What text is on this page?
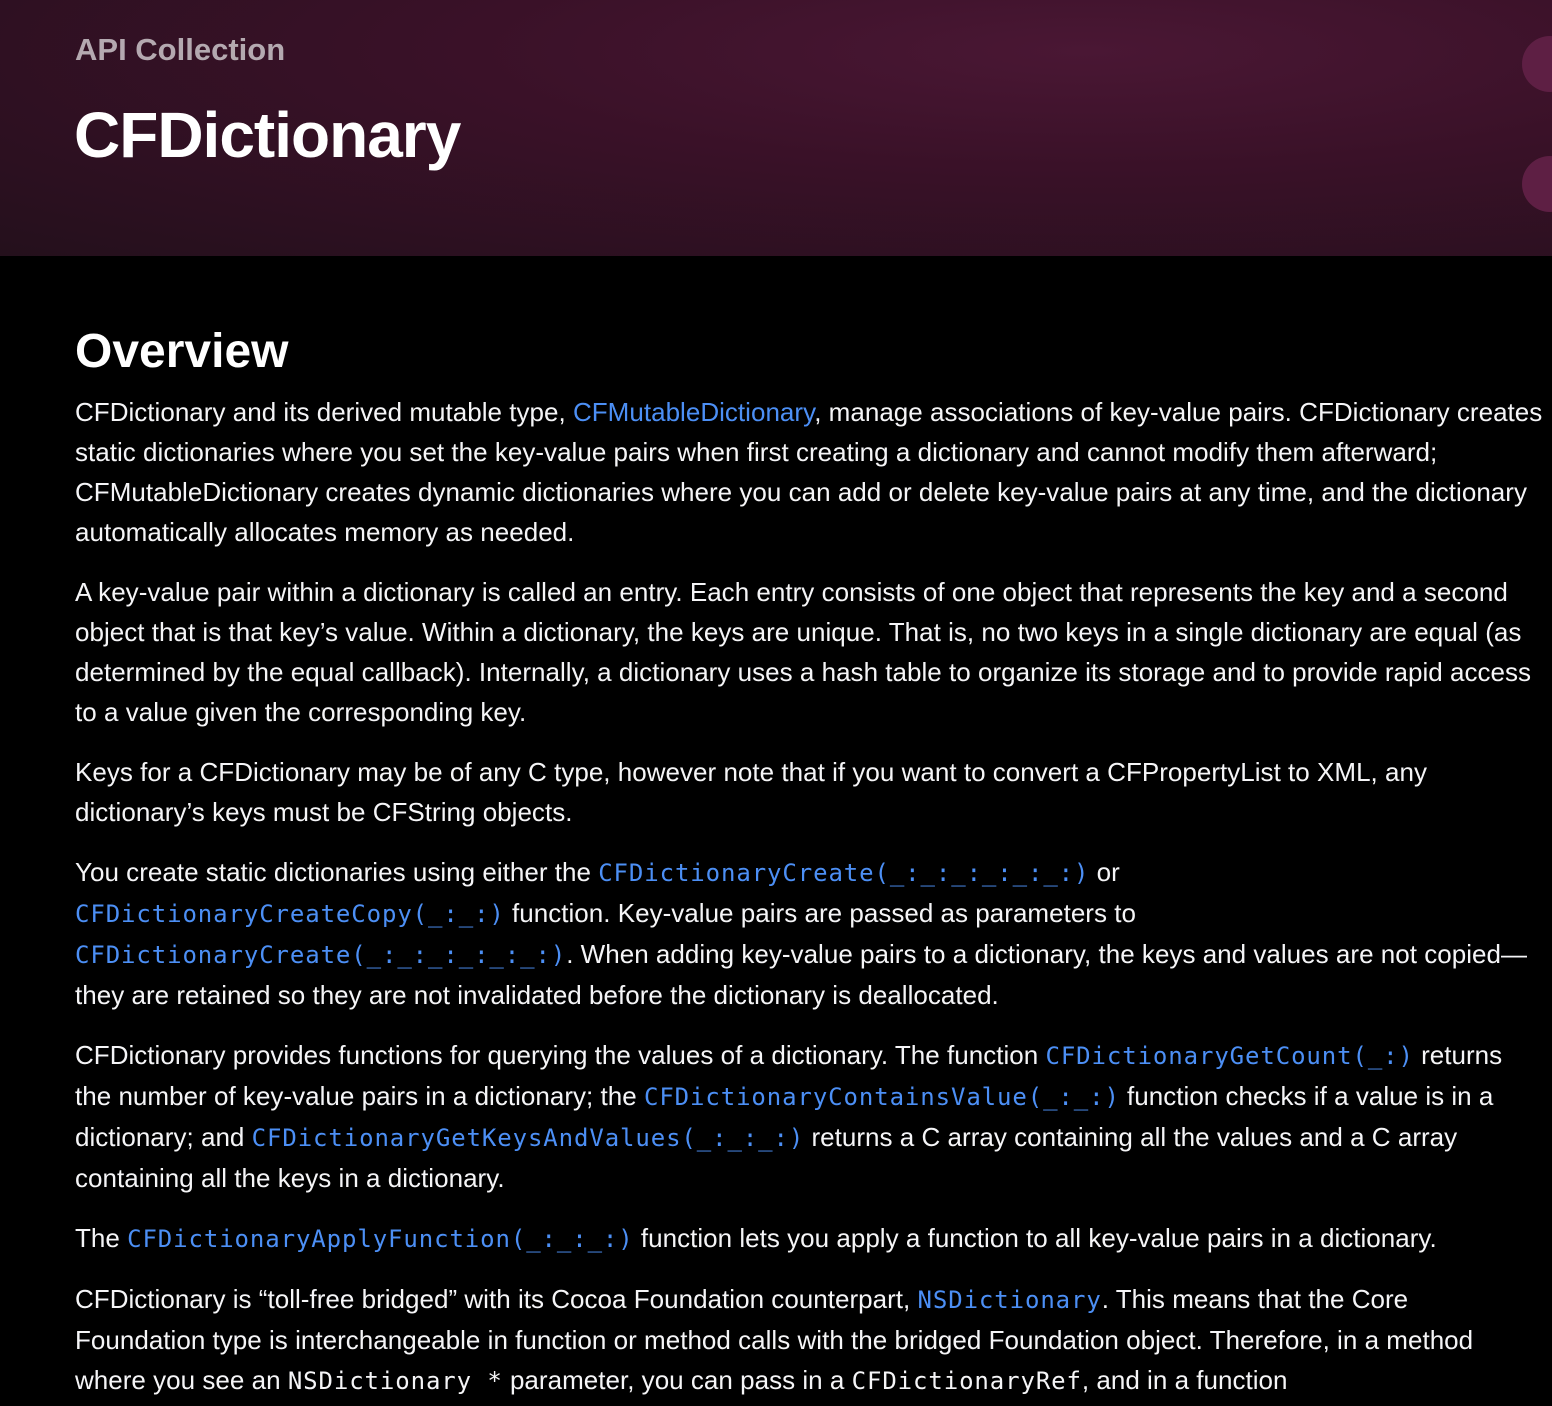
API Collection
CFDictionary
Overview

CFDictionary and its derived mutable type, CFMutableDictionary, manage associations of key-value pairs. CFDictionary creates static dictionaries where you set the key-value pairs when first creating a dictionary and cannot modify them afterward; CFMutableDictionary creates dynamic dictionaries where you can add or delete key-value pairs at any time, and the dictionary automatically allocates memory as needed.

A key-value pair within a dictionary is called an entry. Each entry consists of one object that represents the key and a second object that is that key’s value. Within a dictionary, the keys are unique. That is, no two keys in a single dictionary are equal (as determined by the equal callback). Internally, a dictionary uses a hash table to organize its storage and to provide rapid access to a value given the corresponding key.

Keys for a CFDictionary may be of any C type, however note that if you want to convert a CFPropertyList to XML, any dictionary’s keys must be CFString objects.

You create static dictionaries using either the CFDictionaryCreate(_:_:_:_:_:_:) or CFDictionaryCreateCopy(_:_:) function. Key-value pairs are passed as parameters to CFDictionaryCreate(_:_:_:_:_:_:). When adding key-value pairs to a dictionary, the keys and values are not copied—they are retained so they are not invalidated before the dictionary is deallocated.

CFDictionary provides functions for querying the values of a dictionary. The function CFDictionaryGetCount(_:) returns the number of key-value pairs in a dictionary; the CFDictionaryContainsValue(_:_:) function checks if a value is in a dictionary; and CFDictionaryGetKeysAndValues(_:_:_:) returns a C array containing all the values and a C array containing all the keys in a dictionary.

The CFDictionaryApplyFunction(_:_:_:) function lets you apply a function to all key-value pairs in a dictionary.

CFDictionary is “toll-free bridged” with its Cocoa Foundation counterpart, NSDictionary. This means that the Core Foundation type is interchangeable in function or method calls with the bridged Foundation object. Therefore, in a method where you see an NSDictionary * parameter, you can pass in a CFDictionaryRef, and in a function
